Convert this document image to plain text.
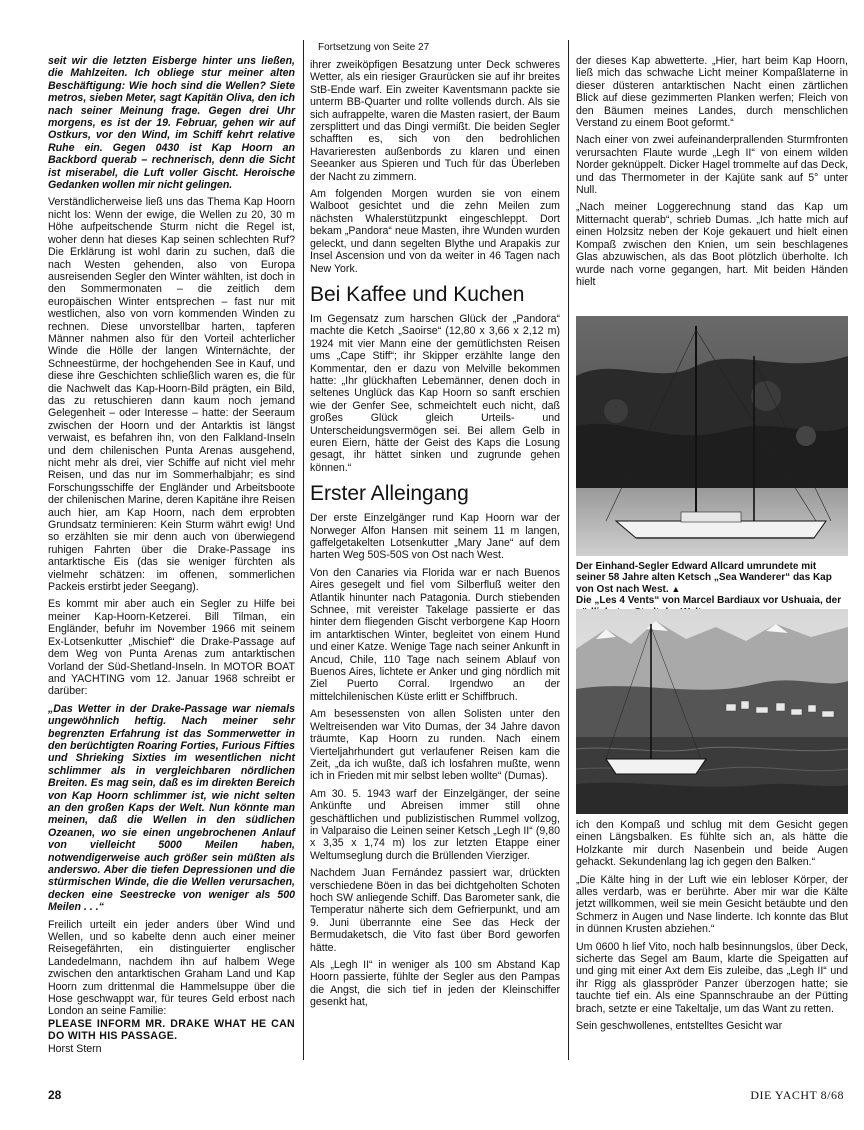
seit wir die letzten Eisberge hinter uns ließen, die Mahlzeiten. Ich obliege stur meiner alten Beschäftigung: Wie hoch sind die Wellen? Siete metros, sieben Meter, sagt Kapitän Oliva, den ich nach seiner Meinung frage. Gegen drei Uhr morgens, es ist der 19. Februar, gehen wir auf Ostkurs, vor den Wind, im Schiff kehrt relative Ruhe ein. Gegen 0430 ist Kap Hoorn an Backbord querab – rechnerisch, denn die Sicht ist miserabel, die Luft voller Gischt. Heroische Gedanken wollen mir nicht gelingen.

Verständlicherweise ließ uns das Thema Kap Hoorn nicht los: Wenn der ewige, die Wellen zu 20, 30 m Höhe aufpeitschende Sturm nicht die Regel ist, woher denn hat dieses Kap seinen schlechten Ruf? Die Erklärung ist wohl darin zu suchen, daß die nach Westen gehenden, also von Europa ausreisenden Segler den Winter wählten, ist doch in den Sommermonaten – die zeitlich dem europäischen Winter entsprechen – fast nur mit westlichen, also von vorn kommenden Winden zu rechnen. Diese unvorstellbar harten, tapferen Männer nahmen also für den Vorteil achterlicher Winde die Hölle der langen Winternächte, der Schneestürme, der hochgehenden See in Kauf, und diese ihre Geschichten schließlich waren es, die für die Nachwelt das Kap-Hoorn-Bild prägten, ein Bild, das zu retuschieren dann kaum noch jemand Gelegenheit – oder Interesse – hatte: der Seeraum zwischen der Hoorn und der Antarktis ist längst verwaist, es befahren ihn, von den Falkland-Inseln und dem chilenischen Punta Arenas ausgehend, nicht mehr als drei, vier Schiffe auf nicht viel mehr Reisen, und das nur im Sommerhalbjahr; es sind Forschungsschiffe der Engländer und Arbeitsboote der chilenischen Marine, deren Kapitäne ihre Reisen auch hier, am Kap Hoorn, nach dem erprobten Grundsatz terminieren: Kein Sturm währt ewig! Und so erzählten sie mir denn auch von überwiegend ruhigen Fahrten über die Drake-Passage ins antarktische Eis (das sie weniger fürchten als vielmehr schätzen: im offenen, sommerlichen Packeis erstirbt jeder Seegang).

Es kommt mir aber auch ein Segler zu Hilfe bei meiner Kap-Hoorn-Ketzerei. Bill Tilman, ein Engländer, befuhr im November 1966 mit seinem Ex-Lotsenkutter „Mischief“ die Drake-Passage auf dem Weg von Punta Arenas zum antarktischen Vorland der Süd-Shetland-Inseln. In MOTOR BOAT and YACHTING vom 12. Januar 1968 schreibt er darüber:

„Das Wetter in der Drake-Passage war niemals ungewöhnlich heftig. Nach meiner sehr begrenzten Erfahrung ist das Sommerwetter in den berüchtigten Roaring Forties, Furious Fifties und Shrieking Sixties im wesentlichen nicht schlimmer als in vergleichbaren nördlichen Breiten. Es mag sein, daß es im direkten Bereich von Kap Hoorn schlimmer ist, wie nicht selten an den großen Kaps der Welt. Nun könnte man meinen, daß die Wellen in den südlichen Ozeanen, wo sie einen ungebrochenen Anlauf von vielleicht 5000 Meilen haben, notwendigerweise auch größer sein müßten als anderswo. Aber die tiefen Depressionen und die stürmischen Winde, die die Wellen verursachen, decken eine Seestrecke von weniger als 500 Meilen . . .“

Freilich urteilt ein jeder anders über Wind und Wellen, und so kabelte denn auch einer meiner Reisegefährten, ein distinguierter englischer Landedelmann, nachdem ihn auf halbem Wege zwischen den antarktischen Graham Land und Kap Hoorn zum drittenmal die Hammelsuppe über die Hose geschwappt war, für teures Geld erbost nach London an seine Familie:

PLEASE INFORM MR. DRAKE WHAT HE CAN DO WITH HIS PASSAGE.

Horst Stern

Fortsetzung von Seite 27

ihrer zweiköpfigen Besatzung unter Deck schweres Wetter, als ein riesiger Graurücken sie auf ihr breites StB-Ende warf. Ein zweiter Kaventsmann packte sie unterm BB-Quarter und rollte vollends durch. Als sie sich aufrappelte, waren die Masten rasiert, der Baum zersplittert und das Dingi vermißt. Die beiden Segler schafften es, sich von den bedrohlichen Havarieresten außenbords zu klaren und einen Seeanker aus Spieren und Tuch für das Überleben der Nacht zu zimmern.

Am folgenden Morgen wurden sie von einem Walboot gesichtet und die zehn Meilen zum nächsten Whalerstützpunkt eingeschleppt. Dort bekam „Pandora“ neue Masten, ihre Wunden wurden geleckt, und dann segelten Blythe und Arapakis zur Insel Ascension und von da weiter in 46 Tagen nach New York.

Bei Kaffee und Kuchen

Im Gegensatz zum harschen Glück der „Pandora“ machte die Ketch „Saoirse“ (12,80 x 3,66 x 2,12 m) 1924 mit vier Mann eine der gemütlichsten Reisen ums „Cape Stiff“; ihr Skipper erzählte lange den Kommentar, den er dazu von Melville bekommen hatte: „Ihr glückhaften Lebemänner, denen doch in seltenes Unglück das Kap Hoorn so sanft erschien wie der Genfer See, schmeichtelt euch nicht, daß großes Glück gleich Urteils- und Unterscheidungsvermögen sei. Bei allem Gelb in euren Eiern, hätte der Geist des Kaps die Losung gesagt, ihr hättet sinken und zugrunde gehen können.“

Erster Alleingang

Der erste Einzelgänger rund Kap Hoorn war der Norweger Alfon Hansen mit seinem 11 m langen, gaffelgetakelten Lotsenkutter „Mary Jane“ auf dem harten Weg 50S-50S von Ost nach West.

Von den Canaries via Florida war er nach Buenos Aires gesegelt und fiel vom Silberfluß weiter den Atlantik hinunter nach Patagonia. Durch stiebenden Schnee, mit vereister Takelage passierte er das hinter dem fliegenden Gischt verborgene Kap Hoorn im antarktischen Winter, begleitet von einem Hund und einer Katze. Wenige Tage nach seiner Ankunft in Ancud, Chile, 110 Tage nach seinem Ablauf von Buenos Aires, lichtete er Anker und ging nördlich mit Ziel Puerto Corral. Irgendwo an der mittelchilenischen Küste erlitt er Schiffbruch.

Am besessensten von allen Solisten unter den Weltreisenden war Vito Dumas, der 34 Jahre davon träumte, Kap Hoorn zu runden. Nach einem Vierteljahrhundert gut verlaufener Reisen kam die Zeit, „da ich wußte, daß ich losfahren mußte, wenn ich in Frieden mit mir selbst leben wollte“ (Dumas).

Am 30. 5. 1943 warf der Einzelgänger, der seine Ankünfte und Abreisen immer still ohne geschäftlichen und publizistischen Rummel vollzog, in Valparaiso die Leinen seiner Ketsch „Legh II“ (9,80 x 3,35 x 1,74 m) los zur letzten Etappe einer Weltumseglung durch die Brüllenden Vierziger.

Nachdem Juan Fernández passiert war, drückten verschiedene Böen in das bei dichtgeholten Schoten hoch SW anliegende Schiff. Das Barometer sank, die Temperatur näherte sich dem Gefrierpunkt, und am 9. Juni überrannte eine See das Heck der Bermudaketsch, die Vito fast über Bord geworfen hätte.

Als „Legh II“ in weniger als 100 sm Abstand Kap Hoorn passierte, fühlte der Segler aus den Pampas die Angst, die sich tief in jeden der Kleinschiffer gesenkt hat,

der dieses Kap abwetterte. „Hier, hart beim Kap Hoorn, ließ mich das schwache Licht meiner Kompaßlaterne in dieser düsteren antarktischen Nacht einen zärtlichen Blick auf diese gezimmerten Planken werfen; Fleich von den Bäumen meines Landes, durch menschlichen Verstand zu einem Boot geformt.“

Nach einer von zwei aufeinanderprallenden Sturmfronten verursachten Flaute wurde „Legh II“ von einem wilden Norder geknüppelt. Dicker Hagel trommelte auf das Deck, und das Thermometer in der Kajüte sank auf 5° unter Null.

„Nach meiner Loggerechnung stand das Kap um Mitternacht querab“, schrieb Dumas. „Ich hatte mich auf einen Holzsitz neben der Koje gekauert und hielt einen Kompaß zwischen den Knien, um sein beschlagenes Glas abzuwischen, als das Boot plötzlich überholte. Ich wurde nach vorne gegangen, hart. Mit beiden Händen hielt

Der Einhand-Segler Edward Allcard umrundete mit seiner 58 Jahre alten Ketsch „Sea Wanderer“ das Kap von Ost nach West. ▲
Die „Les 4 Vents“ von Marcel Bardiaux vor Ushuaia, der

ich den Kompaß und schlug mit dem Gesicht gegen einen Längsbalken. Es fühlte sich an, als hätte die Holzkante mir durch Nasenbein und beide Augen gehackt. Sekundenlang lag ich gegen den Balken.“

„Die Kälte hing in der Luft wie ein lebloser Körper, der alles verdarb, was er berührte. Aber mir war die Kälte jetzt willkommen, weil sie mein Gesicht betäubte und den Schmerz in Augen und Nase linderte. Ich konnte das Blut in dünnen Krusten abziehen.“

Um 0600 h lief Vito, noch halb besinnungslos, über Deck, sicherte das Segel am Baum, klarte die Speigatten auf und ging mit einer Axt dem Eis zuleibe, das „Legh II“ und ihr Rigg als glasspröder Panzer überzogen hatte; sie tauchte tief ein. Als eine Spannschraube an der Pütting brach, setzte er eine Takeltalje, um das Want zu retten.

Sein geschwollenes, entstelltes Gesicht war

28	DIE YACHT 8/68
